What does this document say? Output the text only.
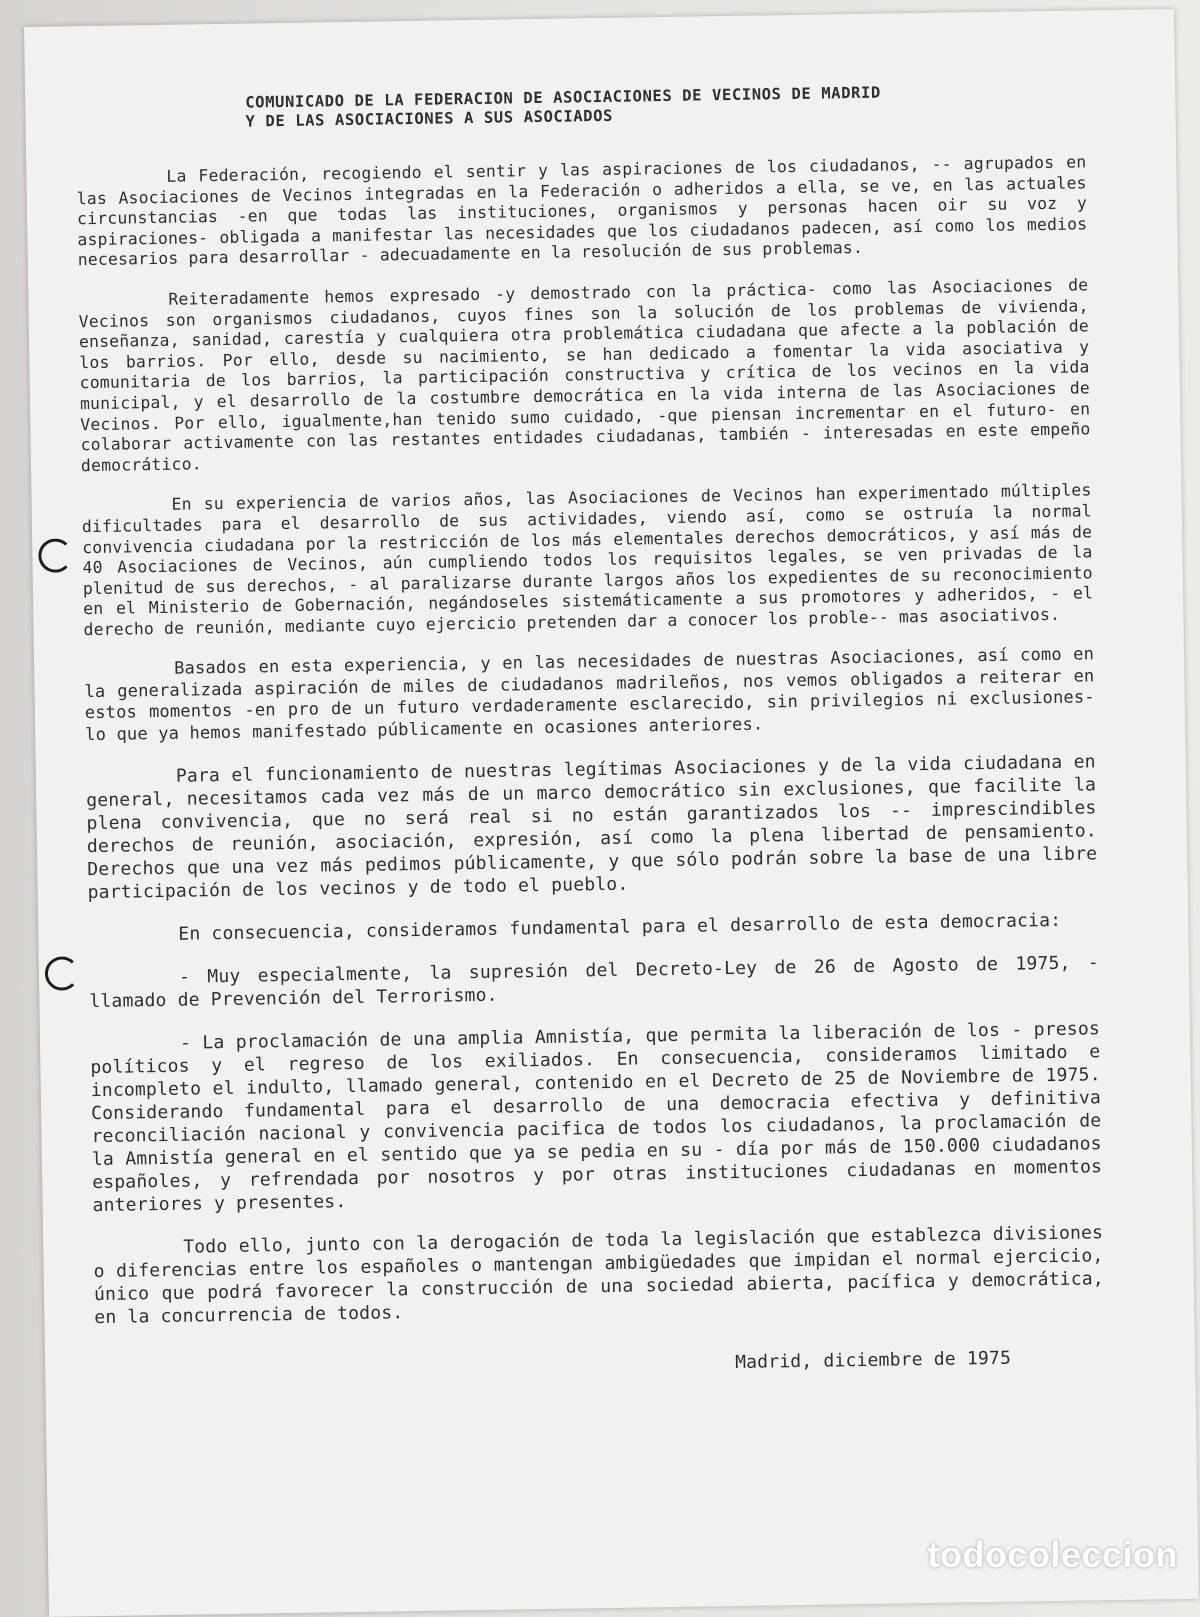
COMUNICADO DE LA FEDERACION DE ASOCIACIONES DE VECINOS DE MADRID
Y DE LAS ASOCIACIONES A SUS ASOCIADOS

La Federación, recogiendo el sentir y las aspiraciones de los ciudadanos, -- agrupados en las Asociaciones de Vecinos integradas en la Federación o adheridos a ella, se ve, en las actuales circunstancias -en que todas las instituciones, organismos y personas hacen oir su voz y aspiraciones- obligada a manifestar las necesidades que los ciudadanos padecen, así como los medios necesarios para desarrollar - adecuadamente en la resolución de sus problemas.

Reiteradamente hemos expresado -y demostrado con la práctica- como las Asociaciones de Vecinos son organismos ciudadanos, cuyos fines son la solución de los problemas de vivienda, enseñanza, sanidad, carestía y cualquiera otra problemática ciudadana que afecte a la población de los barrios. Por ello, desde su nacimiento, se han dedicado a fomentar la vida asociativa y comunitaria de los barrios, la participación constructiva y crítica de los vecinos en la vida municipal, y el desarrollo de la costumbre democrática en la vida interna de las Asociaciones de Vecinos. Por ello, igualmente,han tenido sumo cuidado, -que piensan incrementar en el futuro- en colaborar activamente con las restantes entidades ciudadanas, también - interesadas en este empeño democrático.

En su experiencia de varios años, las Asociaciones de Vecinos han experimentado múltiples dificultades para el desarrollo de sus actividades, viendo así, como se ostruía la normal convivencia ciudadana por la restricción de los más elementales derechos democráticos, y así más de 40 Asociaciones de Vecinos, aún cumpliendo todos los requisitos legales, se ven privadas de la plenitud de sus derechos, - al paralizarse durante largos años los expedientes de su reconocimiento en el Ministerio de Gobernación, negándoseles sistemáticamente a sus promotores y adheridos, - el derecho de reunión, mediante cuyo ejercicio pretenden dar a conocer los proble-- mas asociativos.

Basados en esta experiencia, y en las necesidades de nuestras Asociaciones, así como en la generalizada aspiración de miles de ciudadanos madrileños, nos vemos obligados a reiterar en estos momentos -en pro de un futuro verdaderamente esclarecido, sin privilegios ni exclusiones- lo que ya hemos manifestado públicamente en ocasiones anteriores.

Para el funcionamiento de nuestras legítimas Asociaciones y de la vida ciudadana en general, necesitamos cada vez más de un marco democrático sin exclusiones, que facilite la plena convivencia, que no será real si no están garantizados los -- imprescindibles derechos de reunión, asociación, expresión, así como la plena libertad de pensamiento. Derechos que una vez más pedimos públicamente, y que sólo podrán sobre la base de una libre participación de los vecinos y de todo el pueblo.

En consecuencia, consideramos fundamental para el desarrollo de esta democracia:

- Muy especialmente, la supresión del Decreto-Ley de 26 de Agosto de 1975, - llamado de Prevención del Terrorismo.

- La proclamación de una amplia Amnistía, que permita la liberación de los - presos políticos y el regreso de los exiliados. En consecuencia, consideramos limitado e incompleto el indulto, llamado general, contenido en el Decreto de 25 de Noviembre de 1975. Considerando fundamental para el desarrollo de una democracia efectiva y definitiva reconciliación nacional y convivencia pacifica de todos los ciudadanos, la proclamación de la Amnistía general en el sentido que ya se pedia en su - día por más de 150.000 ciudadanos españoles, y refrendada por nosotros y por otras instituciones ciudadanas en momentos anteriores y presentes.

Todo ello, junto con la derogación de toda la legislación que establezca divisiones o diferencias entre los españoles o mantengan ambigüedades que impidan el normal ejercicio, único que podrá favorecer la construcción de una sociedad abierta, pacífica y democrática, en la concurrencia de todos.

Madrid, diciembre de 1975
todocoleccion
